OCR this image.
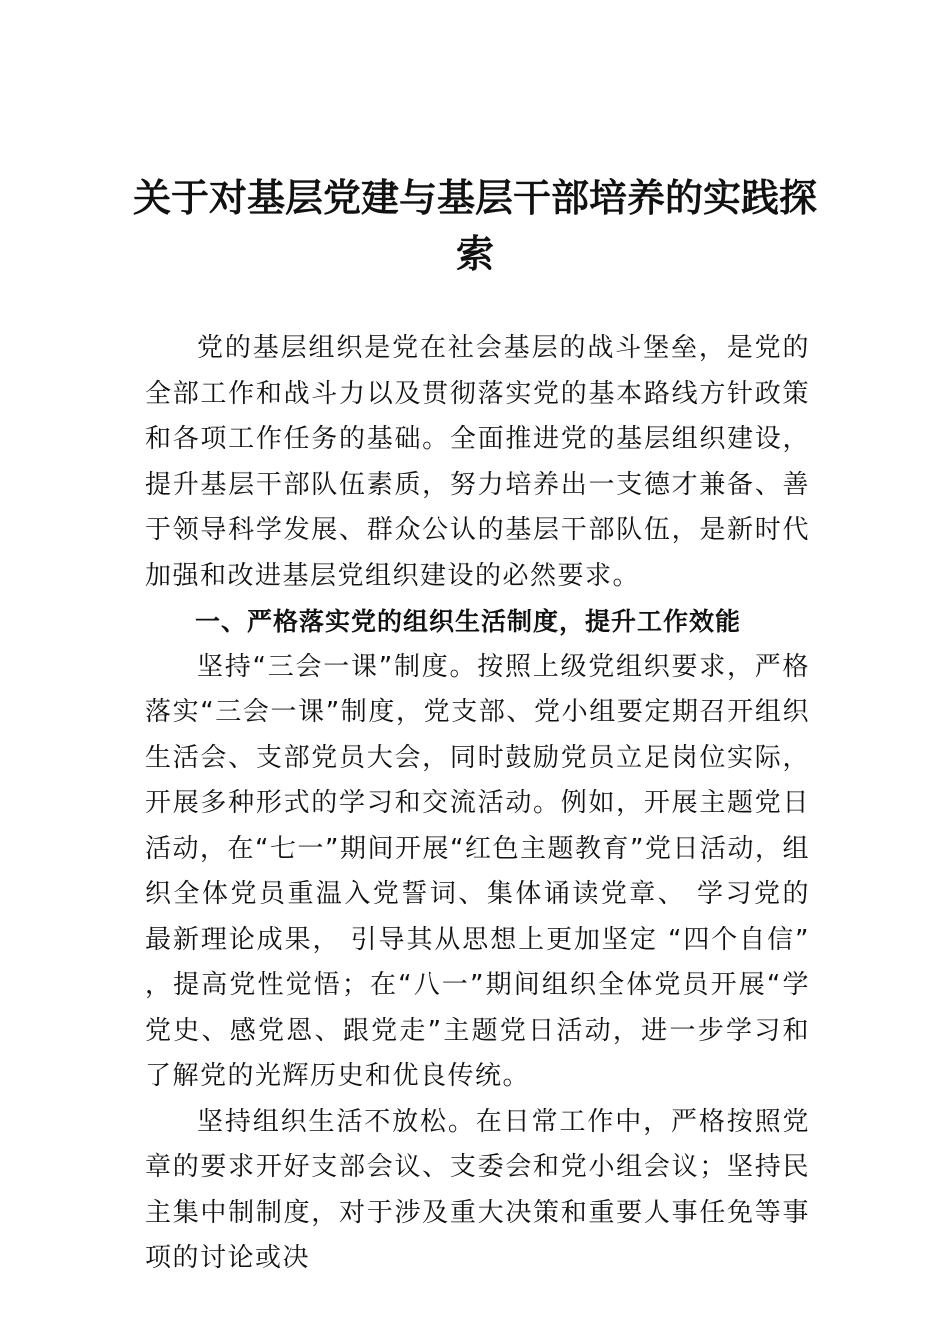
关于对基层党建与基层干部培养的实践探索

党的基层组织是党在社会基层的战斗堡垒，是党的全部工作和战斗力以及贯彻落实党的基本路线方针政策和各项工作任务的基础。全面推进党的基层组织建设，提升基层干部队伍素质，努力培养出一支德才兼备、善于领导科学发展、群众公认的基层干部队伍，是新时代加强和改进基层党组织建设的必然要求。

一、严格落实党的组织生活制度，提升工作效能

坚持“三会一课”制度。按照上级党组织要求，严格落实“三会一课”制度，党支部、党小组要定期召开组织生活会、支部党员大会，同时鼓励党员立足岗位实际，开展多种形式的学习和交流活动。例如，开展主题党日活动，在“七一”期间开展“红色主题教育”党日活动，组织全体党员重温入党誓词、集体诵读党章、 学习党的最新理论成果， 引导其从思想上更加坚定 “四个自信” ，提高党性觉悟；在“八一”期间组织全体党员开展“学党史、感党恩、跟党走”主题党日活动，进一步学习和了解党的光辉历史和优良传统。

坚持组织生活不放松。在日常工作中，严格按照党章的要求开好支部会议、支委会和党小组会议；坚持民主集中制制度，对于涉及重大决策和重要人事任免等事项的讨论或决
